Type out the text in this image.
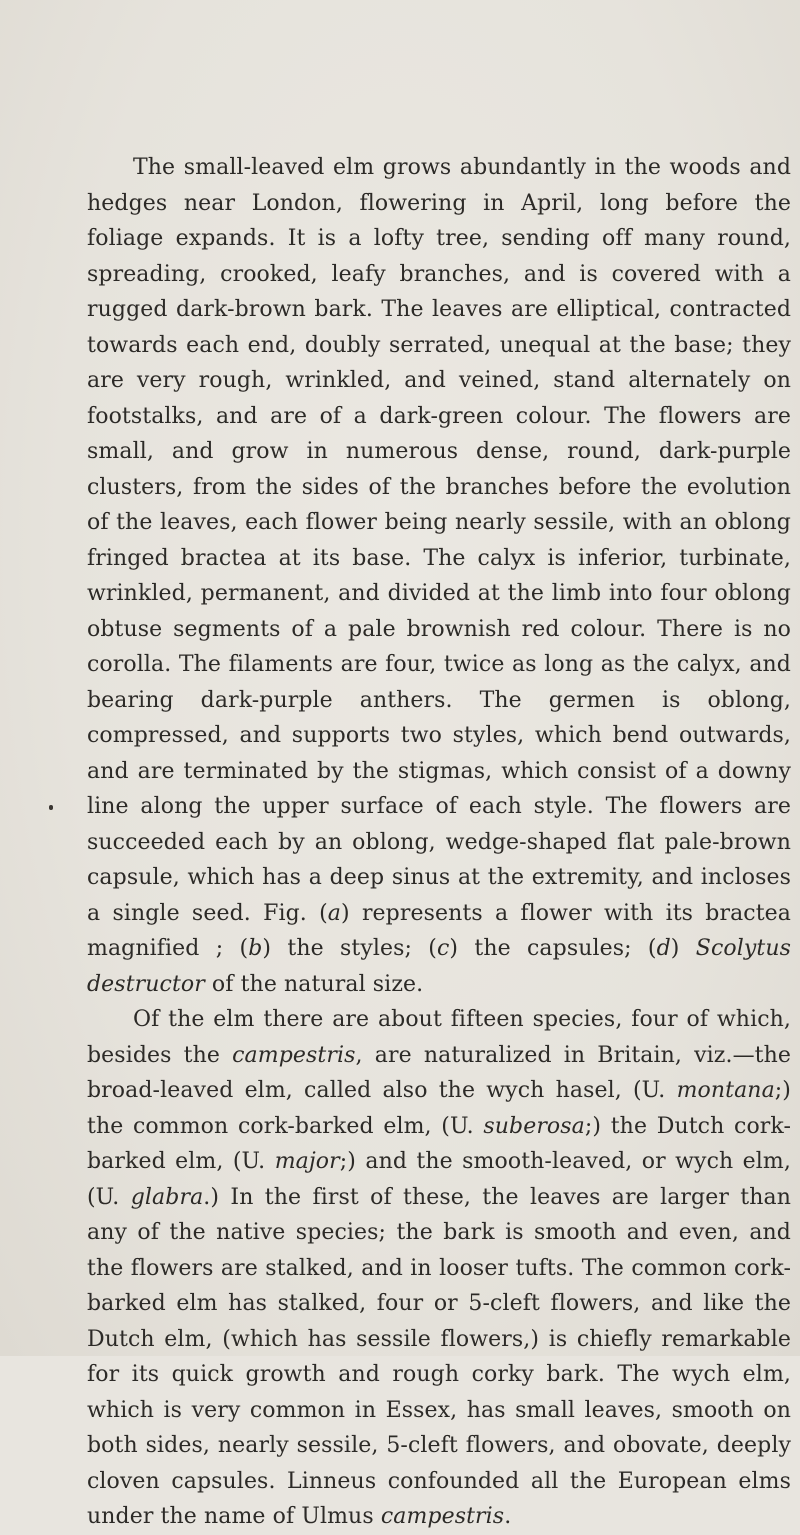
The small-leaved elm grows abundantly in the woods and hedges near London, flowering in April, long before the foliage expands. It is a lofty tree, sending off many round, spreading, crooked, leafy branches, and is covered with a rugged dark-brown bark. The leaves are elliptical, contracted towards each end, doubly serrated, unequal at the base; they are very rough, wrinkled, and veined, stand alternately on footstalks, and are of a dark-green colour. The flowers are small, and grow in numerous dense, round, dark-purple clusters, from the sides of the branches before the evolution of the leaves, each flower being nearly sessile, with an oblong fringed bractea at its base. The calyx is inferior, turbinate, wrinkled, permanent, and divided at the limb into four oblong obtuse segments of a pale brownish red colour. There is no corolla. The filaments are four, twice as long as the calyx, and bearing dark-purple anthers. The germen is oblong, compressed, and supports two styles, which bend outwards, and are terminated by the stigmas, which consist of a downy line along the upper surface of each style. The flowers are succeeded each by an oblong, wedge-shaped flat pale-brown capsule, which has a deep sinus at the extremity, and incloses a single seed. Fig. (a) represents a flower with its bractea magnified ; (b) the styles; (c) the capsules; (d) Scolytus destructor of the natural size.

Of the elm there are about fifteen species, four of which, besides the campestris, are naturalized in Britain, viz.—the broad-leaved elm, called also the wych hasel, (U. montana;) the common cork-barked elm, (U. suberosa;) the Dutch cork-barked elm, (U. major;) and the smooth-leaved, or wych elm, (U. glabra.) In the first of these, the leaves are larger than any of the native species; the bark is smooth and even, and the flowers are stalked, and in looser tufts. The common cork-barked elm has stalked, four or 5-cleft flowers, and like the Dutch elm, (which has sessile flowers,) is chiefly remarkable for its quick growth and rough corky bark. The wych elm, which is very common in Essex, has small leaves, smooth on both sides, nearly sessile, 5-cleft flowers, and obovate, deeply cloven capsules. Linneus confounded all the European elms under the name of Ulmus campestris.
